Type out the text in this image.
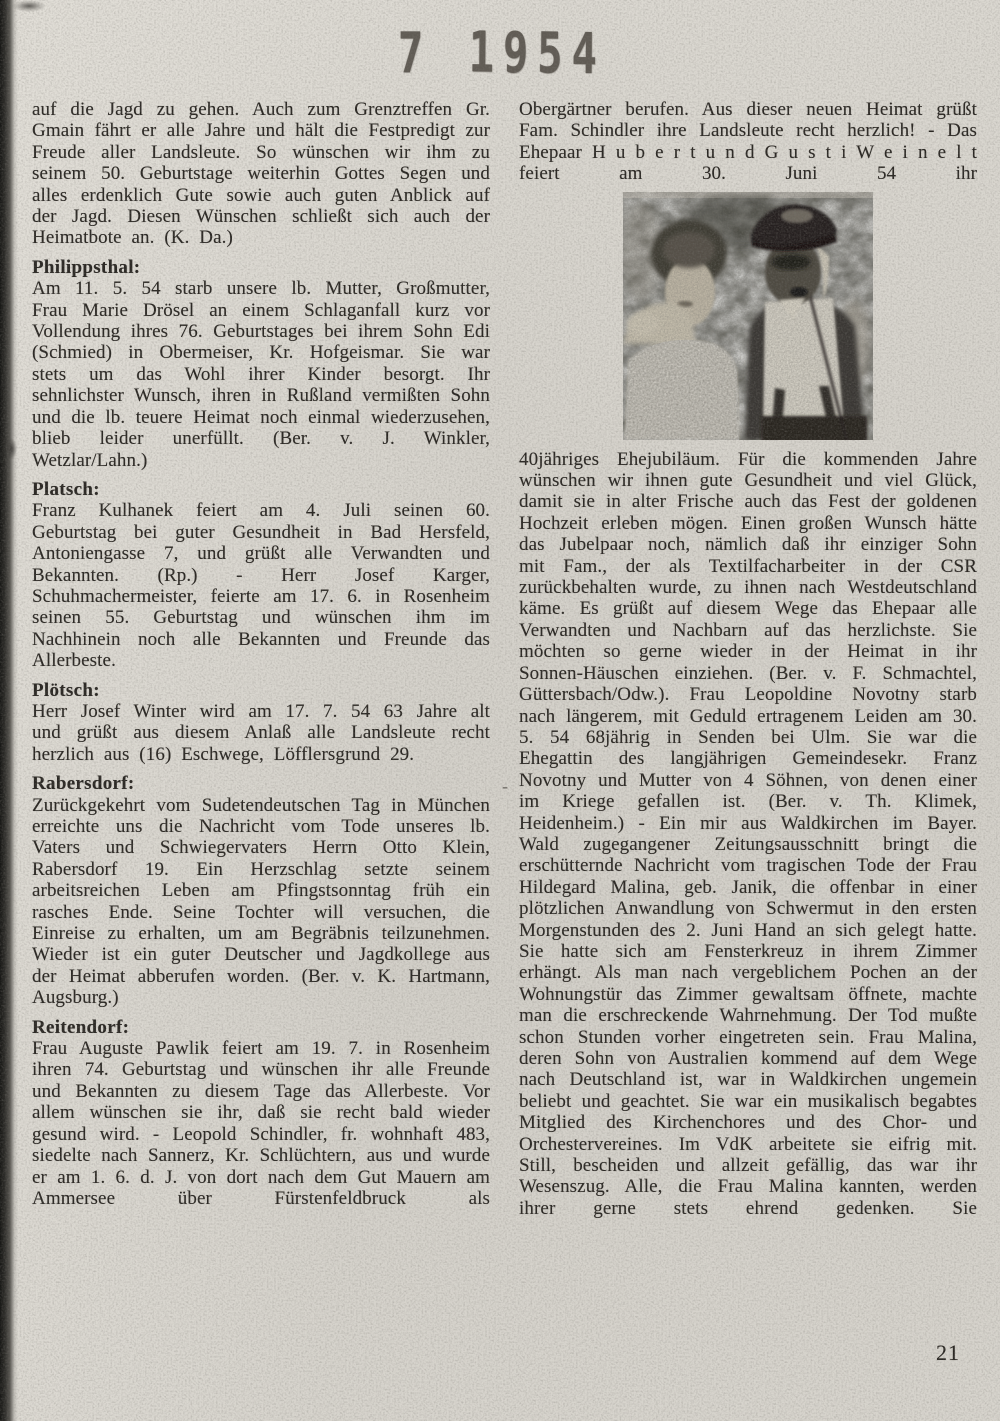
7 1954

auf die Jagd zu gehen. Auch zum Grenztreffen Gr. Gmain fährt er alle Jahre und hält die Festpredigt zur Freude aller Landsleute. So wünschen wir ihm zu seinem 50. Geburtstage weiterhin Gottes Segen und alles erdenklich Gute sowie auch guten Anblick auf der Jagd. Diesen Wünschen schließt sich auch der Heimatbote an. (K. Da.)

Philippsthal:

Am 11. 5. 54 starb unsere lb. Mutter, Großmutter, Frau Marie Drösel an einem Schlaganfall kurz vor Vollendung ihres 76. Geburtstages bei ihrem Sohn Edi (Schmied) in Obermeiser, Kr. Hofgeismar. Sie war stets um das Wohl ihrer Kinder besorgt. Ihr sehnlichster Wunsch, ihren in Rußland vermißten Sohn und die lb. teuere Heimat noch einmal wiederzusehen, blieb leider unerfüllt. (Ber. v. J. Winkler, Wetzlar/Lahn.)

Platsch:

Franz Kulhanek feiert am 4. Juli seinen 60. Geburtstag bei guter Gesundheit in Bad Hersfeld, Antoniengasse 7, und grüßt alle Verwandten und Bekannten. (Rp.) - Herr Josef Karger, Schuhmachermeister, feierte am 17. 6. in Rosenheim seinen 55. Geburtstag und wünschen ihm im Nachhinein noch alle Bekannten und Freunde das Allerbeste.

Plötsch:

Herr Josef Winter wird am 17. 7. 54 63 Jahre alt und grüßt aus diesem Anlaß alle Landsleute recht herzlich aus (16) Eschwege, Löfflersgrund 29.

Rabersdorf:

Zurückgekehrt vom Sudetendeutschen Tag in München erreichte uns die Nachricht vom Tode unseres lb. Vaters und Schwiegervaters Herrn Otto Klein, Rabersdorf 19. Ein Herzschlag setzte seinem arbeitsreichen Leben am Pfingstsonntag früh ein rasches Ende. Seine Tochter will versuchen, die Einreise zu erhalten, um am Begräbnis teilzunehmen. Wieder ist ein guter Deutscher und Jagdkollege aus der Heimat abberufen worden. (Ber. v. K. Hartmann, Augsburg.)

Reitendorf:

Frau Auguste Pawlik feiert am 19. 7. in Rosenheim ihren 74. Geburtstag und wünschen ihr alle Freunde und Bekannten zu diesem Tage das Allerbeste. Vor allem wünschen sie ihr, daß sie recht bald wieder gesund wird. - Leopold Schindler, fr. wohnhaft 483, siedelte nach Sannerz, Kr. Schlüchtern, aus und wurde er am 1. 6. d. J. von dort nach dem Gut Mauern am Ammersee über Fürstenfeldbruck als

Obergärtner berufen. Aus dieser neuen Heimat grüßt Fam. Schindler ihre Landsleute recht herzlich! - Das Ehepaar H u b e r t u n d G u s t i W e i n e l t feiert am 30. Juni 54 ihr

40jähriges Ehejubiläum. Für die kommenden Jahre wünschen wir ihnen gute Gesundheit und viel Glück, damit sie in alter Frische auch das Fest der goldenen Hochzeit erleben mögen. Einen großen Wunsch hätte das Jubelpaar noch, nämlich daß ihr einziger Sohn mit Fam., der als Textilfacharbeiter in der CSR zurückbehalten wurde, zu ihnen nach Westdeutschland käme. Es grüßt auf diesem Wege das Ehepaar alle Verwandten und Nachbarn auf das herzlichste. Sie möchten so gerne wieder in der Heimat in ihr Sonnen-Häuschen einziehen. (Ber. v. F. Schmachtel, Güttersbach/Odw.). Frau Leopoldine Novotny starb nach längerem, mit Geduld ertragenem Leiden am 30. 5. 54 68jährig in Senden bei Ulm. Sie war die Ehegattin des langjährigen Gemeindesekr. Franz Novotny und Mutter von 4 Söhnen, von denen einer im Kriege gefallen ist. (Ber. v. Th. Klimek, Heidenheim.) - Ein mir aus Waldkirchen im Bayer. Wald zugegangener Zeitungsausschnitt bringt die erschütternde Nachricht vom tragischen Tode der Frau Hildegard Malina, geb. Janik, die offenbar in einer plötzlichen Anwandlung von Schwermut in den ersten Morgenstunden des 2. Juni Hand an sich gelegt hatte. Sie hatte sich am Fensterkreuz in ihrem Zimmer erhängt. Als man nach vergeblichem Pochen an der Wohnungstür das Zimmer gewaltsam öffnete, machte man die erschreckende Wahrnehmung. Der Tod mußte schon Stunden vorher eingetreten sein. Frau Malina, deren Sohn von Australien kommend auf dem Wege nach Deutschland ist, war in Waldkirchen ungemein beliebt und geachtet. Sie war ein musikalisch begabtes Mitglied des Kirchenchores und des Chor- und Orchestervereines. Im VdK arbeitete sie eifrig mit. Still, bescheiden und allzeit gefällig, das war ihr Wesenszug. Alle, die Frau Malina kannten, werden ihrer gerne stets ehrend gedenken. Sie

-
21
